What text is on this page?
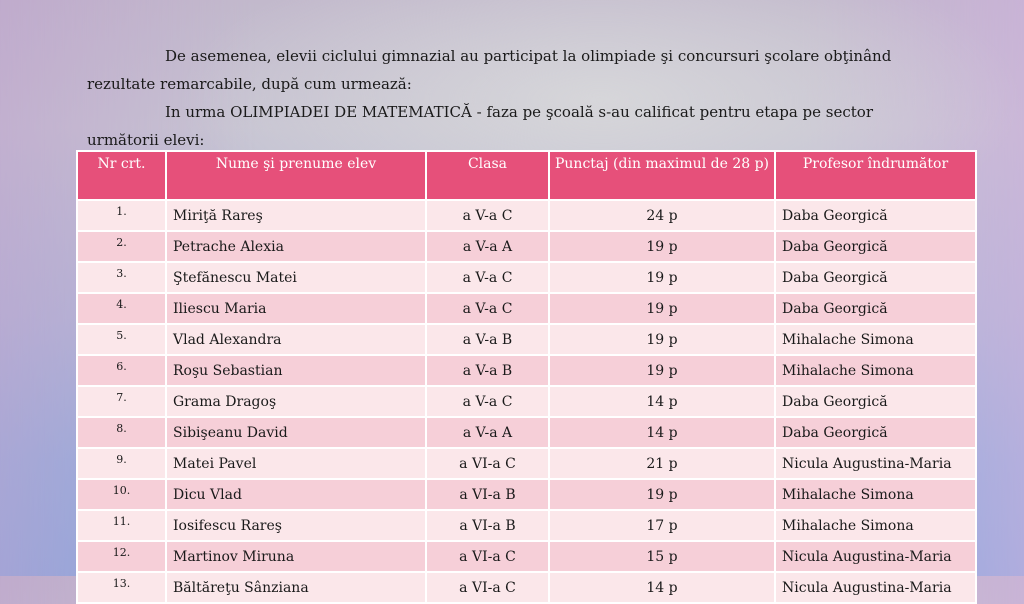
De asemenea, elevii ciclului gimnazial au participat la olimpiade şi concursuri şcolare obţinând rezultate remarcabile, după cum urmează:
In urma OLIMPIADEI DE MATEMATICĂ - faza pe şcoală s-au calificat pentru etapa pe sector următorii elevi:
Nr crt.	Nume şi prenume elev	Clasa	Punctaj (din maximul de 28 p)	Profesor îndrumător
1.	Miriţă Rareş	a V-a C	24 p	Daba Georgică
2.	Petrache Alexia	a V-a A	19 p	Daba Georgică
3.	Ştefănescu Matei	a V-a C	19 p	Daba Georgică
4.	Iliescu Maria	a V-a C	19 p	Daba Georgică
5.	Vlad Alexandra	a V-a B	19 p	Mihalache Simona
6.	Roşu Sebastian	a V-a B	19 p	Mihalache Simona
7.	Grama Dragoş	a V-a C	14 p	Daba Georgică
8.	Sibişeanu David	a V-a A	14 p	Daba Georgică
9.	Matei Pavel	a VI-a C	21 p	Nicula Augustina-Maria
10.	Dicu Vlad	a VI-a B	19 p	Mihalache Simona
11.	Iosifescu Rareş	a VI-a B	17 p	Mihalache Simona
12.	Martinov Miruna	a VI-a C	15 p	Nicula Augustina-Maria
13.	Băltăreţu Sânziana	a VI-a C	14 p	Nicula Augustina-Maria
